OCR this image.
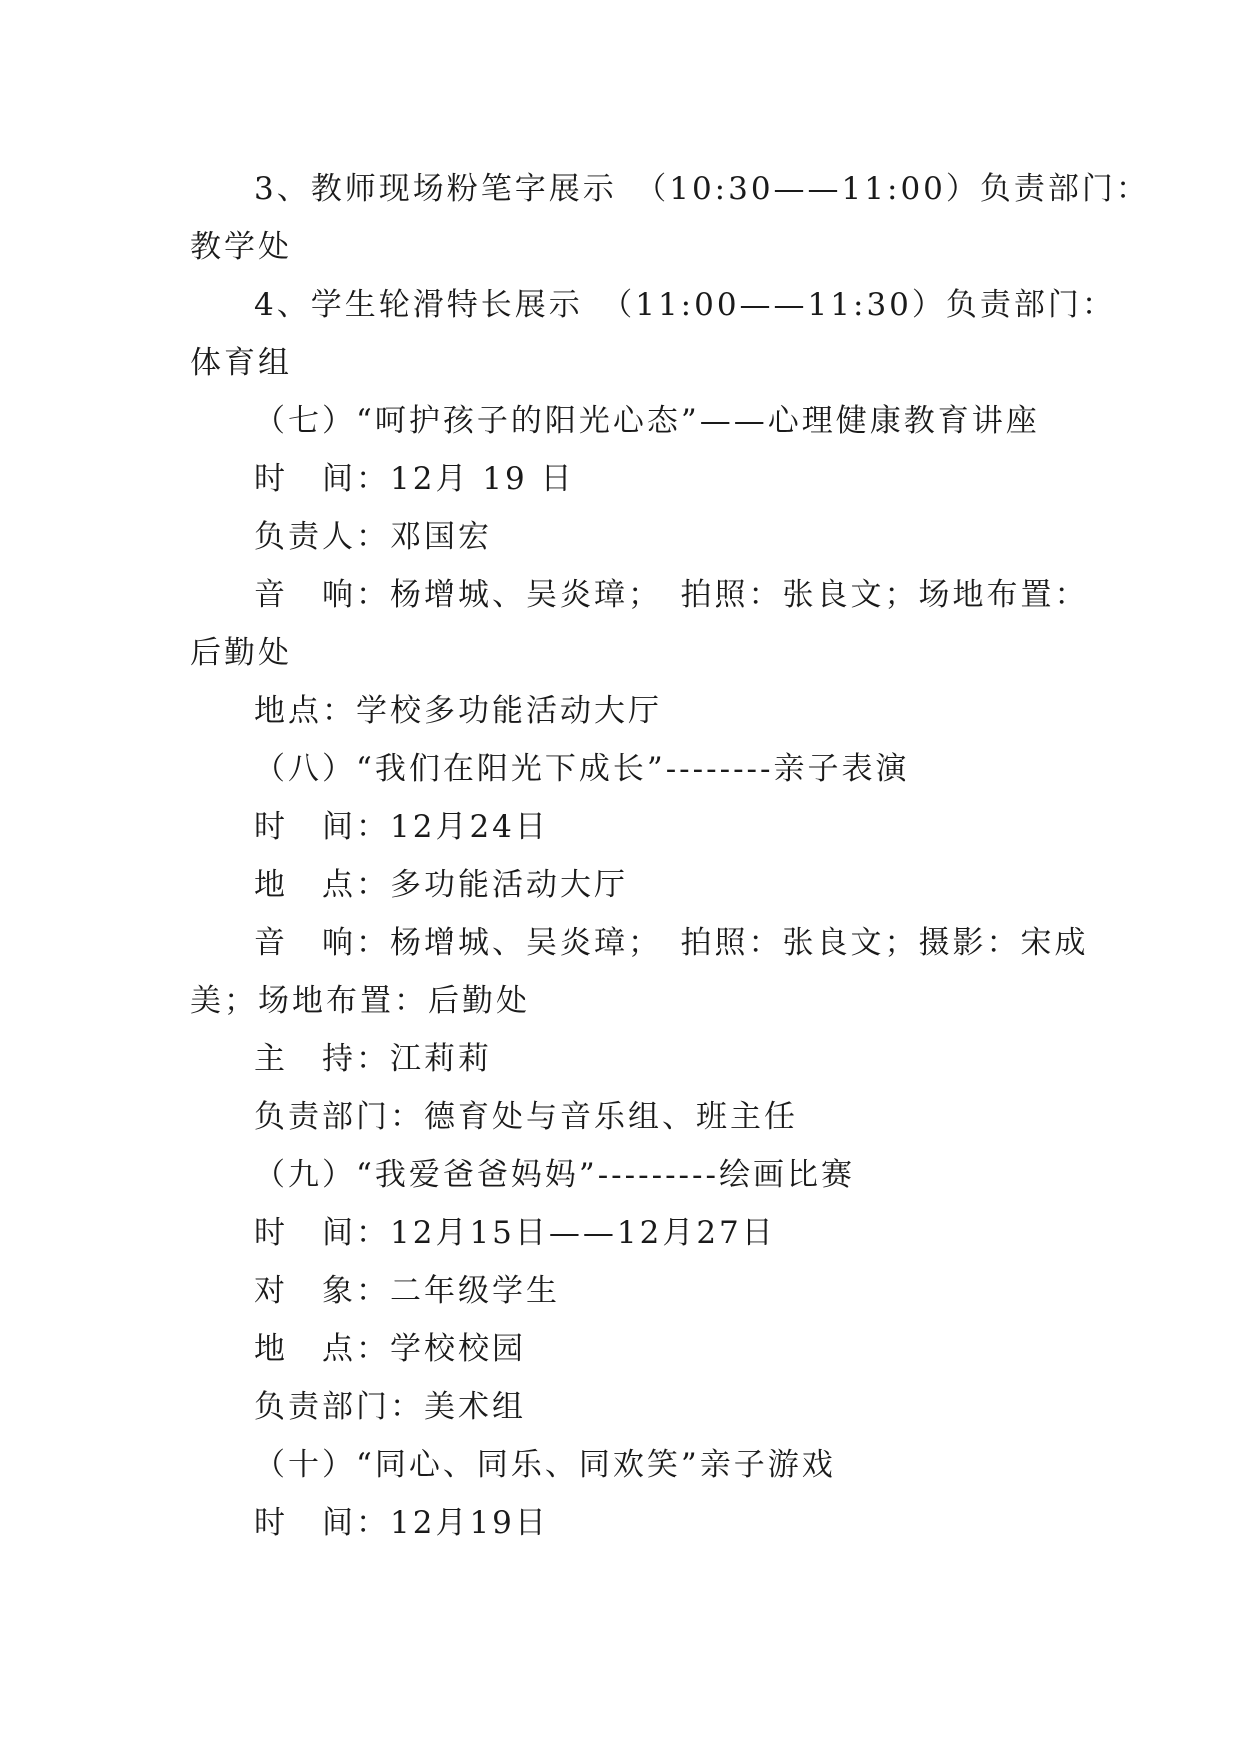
3、教师现场粉笔字展示　（10:30——11:00）负责部门：

教学处

4、学生轮滑特长展示　（11:00——11:30）负责部门：

体育组

（七）“呵护孩子的阳光心态”——心理健康教育讲座

时　间：12月 19 日

负责人：邓国宏

音　响：杨增城、吴炎璋；　拍照：张良文；场地布置：

后勤处

地点：学校多功能活动大厅

（八）“我们在阳光下成长”--------亲子表演

时　间：12月24日

地　点：多功能活动大厅

音　响：杨增城、吴炎璋；　拍照：张良文；摄影：宋成

美；场地布置：后勤处

主　持：江莉莉

负责部门：德育处与音乐组、班主任

（九）“我爱爸爸妈妈”---------绘画比赛

时　间：12月15日——12月27日

对　象：二年级学生

地　点：学校校园

负责部门：美术组

（十）“同心、同乐、同欢笑”亲子游戏

时　间：12月19日
